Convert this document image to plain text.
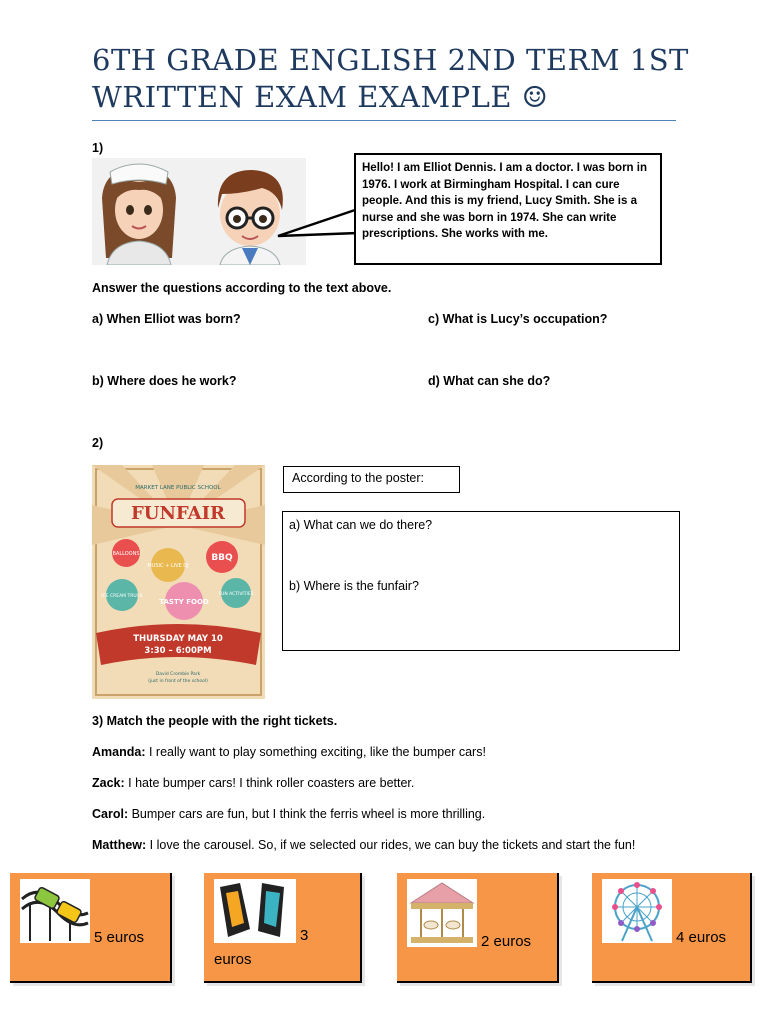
6TH GRADE ENGLISH 2ND TERM 1ST
WRITTEN EXAM EXAMPLE ☺
1)
Hello! I am Elliot Dennis. I am a doctor. I was born in 1976. I work at Birmingham Hospital. I can cure people. And this is my friend, Lucy Smith. She is a nurse and she was born in 1974. She can write prescriptions. She works with me.
Answer the questions according to the text above.
a) When Elliot was born?	c) What is Lucy’s occupation?
b) Where does he work?	d) What can she do?
2)
MARKET LANE PUBLIC SCHOOL
FUNFAIR
BALLOONS
MUSIC + LIVE DJ
BBQ
ICE CREAM TRUCK
TASTY FOOD
FUN ACTIVITIES
THURSDAY MAY 10
3:30 – 6:00PM
David Crombie Park
(just in front of the school)
According to the poster:
a) What can we do there?
b) Where is the funfair?
3) Match the people with the right tickets.
Amanda: I really want to play something exciting, like the bumper cars!
Zack: I hate bumper cars! I think roller coasters are better.
Carol: Bumper cars are fun, but I think the ferris wheel is more thrilling.
Matthew: I love the carousel. So, if we selected our rides, we can buy the tickets and start the fun!
5 euros	3
euros
2 euros	4 euros
